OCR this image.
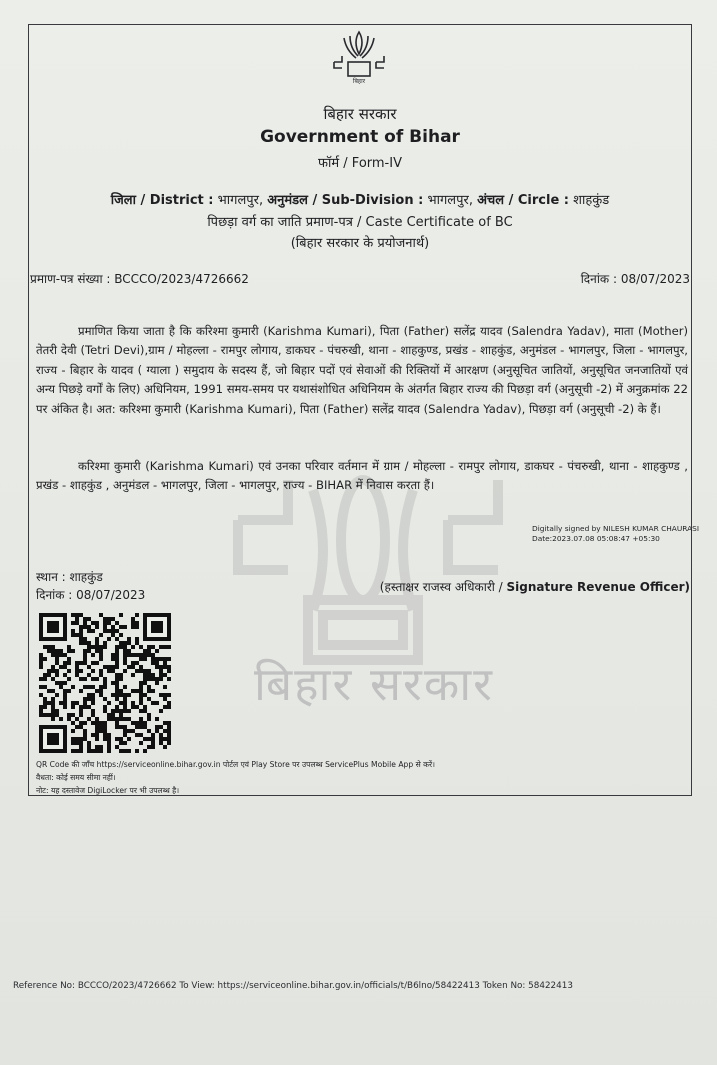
बिहार सरकार
बिहार
बिहार सरकार
Government of Bihar
फॉर्म / Form-IV
जिला / District : भागलपुर, अनुमंडल / Sub-Division : भागलपुर, अंचल / Circle : शाहकुंड
पिछड़ा वर्ग का जाति प्रमाण-पत्र / Caste Certificate of BC
(बिहार सरकार के प्रयोजनार्थ)
प्रमाण-पत्र संख्या : BCCCO/2023/4726662	दिनांक : 08/07/2023
प्रमाणित किया जाता है कि करिश्मा कुमारी (Karishma Kumari), पिता (Father) सलेंद्र यादव (Salendra Yadav), माता (Mother) तेतरी देवी (Tetri Devi),ग्राम / मोहल्ला - रामपुर लोगाय, डाकघर - पंचरुखी, थाना - शाहकुण्ड, प्रखंड - शाहकुंड, अनुमंडल - भागलपुर, जिला - भागलपुर, राज्य - बिहार के यादव ( ग्याला ) समुदाय के सदस्य हैं, जो बिहार पदों एवं सेवाओं की रिक्तियों में आरक्षण (अनुसूचित जातियों, अनुसूचित जनजातियों एवं अन्य पिछड़े वर्गों के लिए) अधिनियम, 1991 समय-समय पर यथासंशोधित अधिनियम के अंतर्गत बिहार राज्य की पिछड़ा वर्ग (अनुसूची -2) में अनुक्रमांक 22 पर अंकित है। अत: करिश्मा कुमारी (Karishma Kumari), पिता (Father) सलेंद्र यादव (Salendra Yadav), पिछड़ा वर्ग (अनुसूची -2) के हैं।
करिश्मा कुमारी (Karishma Kumari) एवं उनका परिवार वर्तमान में ग्राम / मोहल्ला - रामपुर लोगाय, डाकघर - पंचरुखी, थाना - शाहकुण्ड , प्रखंड - शाहकुंड , अनुमंडल - भागलपुर, जिला - भागलपुर, राज्य - BIHAR में निवास करता हैं।
Digitally signed by NILESH KUMAR CHAURASI
Date:2023.07.08 05:08:47 +05:30
स्थान : शाहकुंड
दिनांक : 08/07/2023
(हस्ताक्षर राजस्व अधिकारी / Signature Revenue Officer)
QR Code की जाँच https://serviceonline.bihar.gov.in पोर्टल एवं Play Store पर उपलब्ध ServicePlus Mobile App से करें।
वैधता: कोई समय सीमा नहीं।
नोट: यह दस्तावेज DigiLocker पर भी उपलब्ध है।
Reference No: BCCCO/2023/4726662 To View: https://serviceonline.bihar.gov.in/officials/t/B6lno/58422413 Token No: 58422413
